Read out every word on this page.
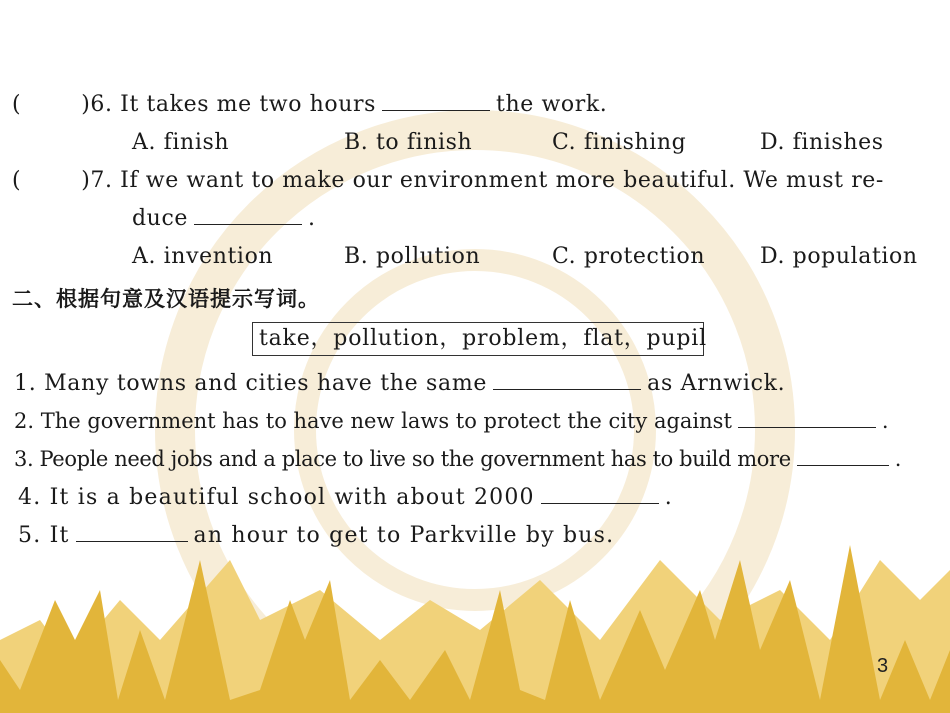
(	)6. It takes me two hours	the work.
A. finish	B. to finish	C. finishing	D. finishes
(	)7. If we want to make our environment more beautiful. We must re-
duce	.
A. invention	B. pollution	C. protection D. population
二、根据句意及汉语提示写词。
take，pollution，problem，flat，pupil
1. Many towns and cities have the same	as Arnwick.
2. The government has to have new laws to protect the city against	.
3. People need jobs and a place to live so the government has to build more	.
4. It is a beautiful school with about 2000	.
5. It	an hour to get to Parkville by bus.
3
